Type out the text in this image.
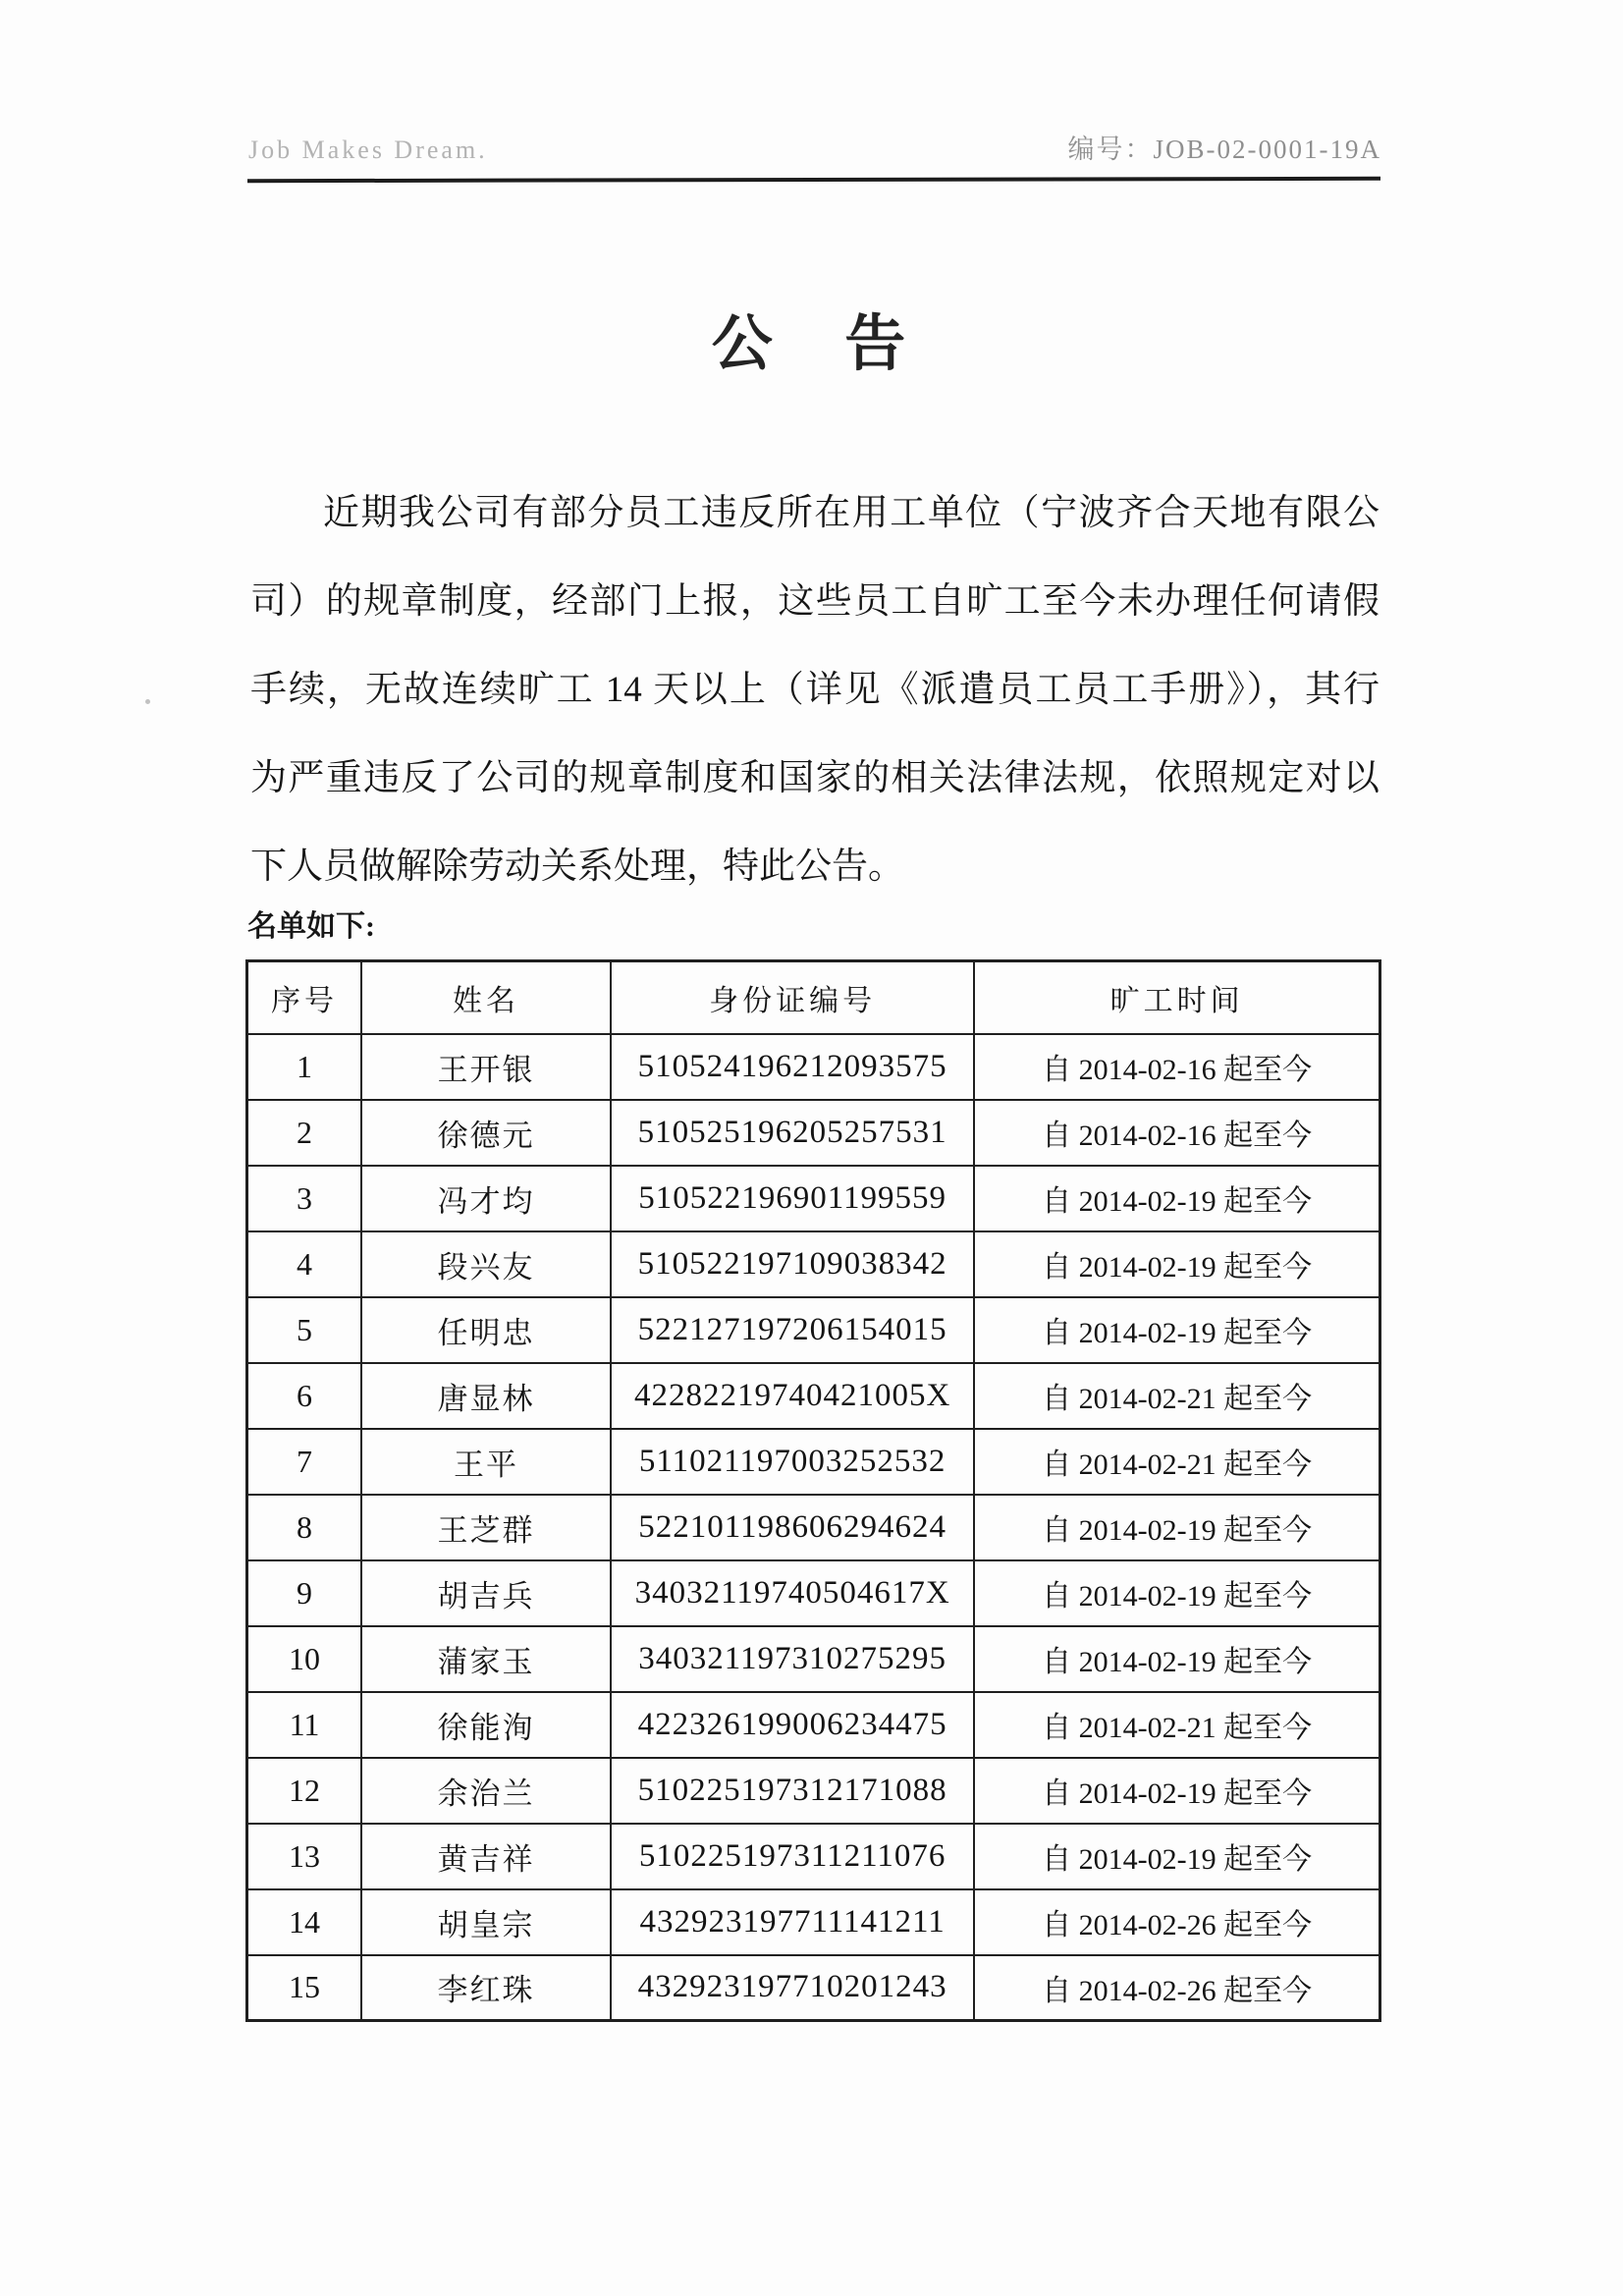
Job Makes Dream.	编号：JOB-02-0001-19A
公 告
近期我公司有部分员工违反所在用工单位（宁波齐合天地有限公
司）的规章制度，经部门上报，这些员工自旷工至今未办理任何请假
手续，无故连续旷工 14 天以上（详见《派遣员工员工手册》），其行
为严重违反了公司的规章制度和国家的相关法律法规，依照规定对以
下人员做解除劳动关系处理，特此公告。
名单如下:
序号	姓名	身份证编号	旷工时间
1	王开银	510524196212093575	自 2014-02-16 起至今
2	徐德元	510525196205257531	自 2014-02-16 起至今
3	冯才均	510522196901199559	自 2014-02-19 起至今
4	段兴友	510522197109038342	自 2014-02-19 起至今
5	任明忠	522127197206154015	自 2014-02-19 起至今
6	唐显林	42282219740421005X	自 2014-02-21 起至今
7	王平	511021197003252532	自 2014-02-21 起至今
8	王芝群	522101198606294624	自 2014-02-19 起至今
9	胡吉兵	34032119740504617X	自 2014-02-19 起至今
10	蒲家玉	340321197310275295	自 2014-02-19 起至今
11	徐能洵	422326199006234475	自 2014-02-21 起至今
12	余治兰	510225197312171088	自 2014-02-19 起至今
13	黄吉祥	510225197311211076	自 2014-02-19 起至今
14	胡皇宗	432923197711141211	自 2014-02-26 起至今
15	李红珠	432923197710201243	自 2014-02-26 起至今
